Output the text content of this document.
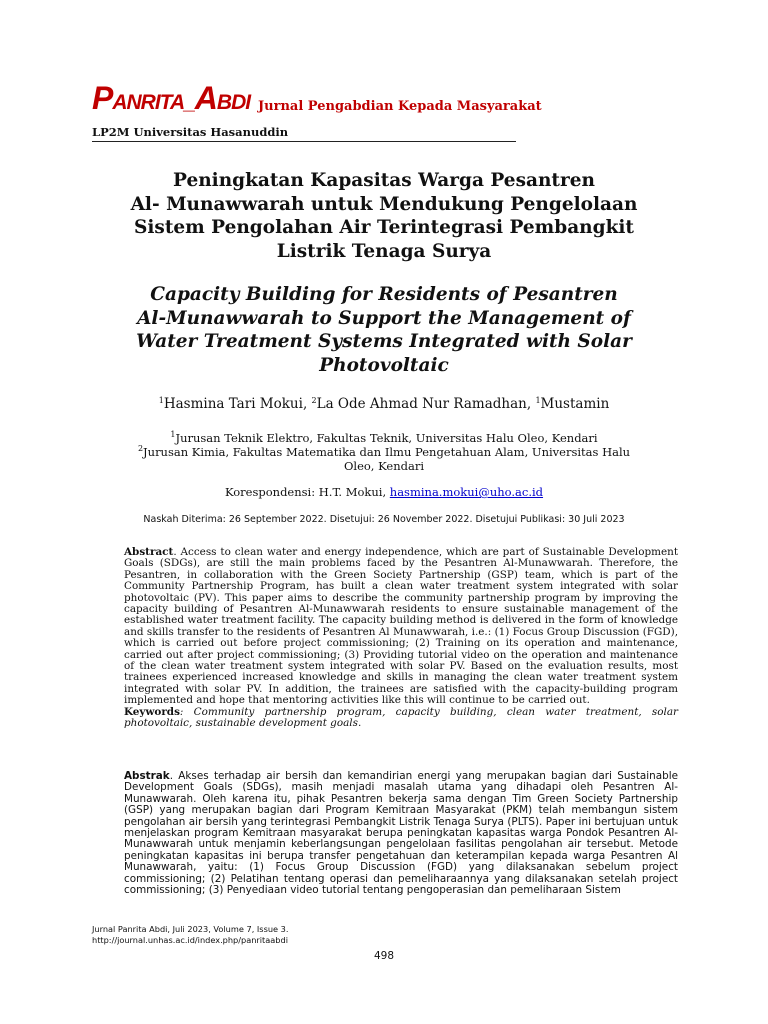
PANRITA_ABDI Jurnal Pengabdian Kepada Masyarakat
LP2M Universitas Hasanuddin
Peningkatan Kapasitas Warga Pesantren
Al- Munawwarah untuk Mendukung Pengelolaan
Sistem Pengolahan Air Terintegrasi Pembangkit
Listrik Tenaga Surya
Capacity Building for Residents of Pesantren
Al-Munawwarah to Support the Management of
Water Treatment Systems Integrated with Solar
Photovoltaic
$^1$Hasmina Tari Mokui, $^2$La Ode Ahmad Nur Ramadhan, $^1$Mustamin
$^1$Jurusan Teknik Elektro, Fakultas Teknik, Universitas Halu Oleo, Kendari
$^2$Jurusan Kimia, Fakultas Matematika dan Ilmu Pengetahuan Alam, Universitas Halu
Oleo, Kendari
Korespondensi: H.T. Mokui, hasmina.mokui@uho.ac.id
Naskah Diterima: 26 September 2022. Disetujui: 26 November 2022. Disetujui Publikasi: 30 Juli 2023

Abstract. Access to clean water and energy independence, which are part of Sustainable Development Goals (SDGs), are still the main problems faced by the Pesantren Al-Munawwarah. Therefore, the Pesantren, in collaboration with the Green Society Partnership (GSP) team, which is part of the Community Partnership Program, has built a clean water treatment system integrated with solar photovoltaic (PV). This paper aims to describe the community partnership program by improving the capacity building of Pesantren Al-Munawwarah residents to ensure sustainable management of the established water treatment facility. The capacity building method is delivered in the form of knowledge and skills transfer to the residents of Pesantren Al Munawwarah, i.e.: (1) Focus Group Discussion (FGD), which is carried out before project commissioning; (2) Training on its operation and maintenance, carried out after project commissioning; (3) Providing tutorial video on the operation and maintenance of the clean water treatment system integrated with solar PV. Based on the evaluation results, most trainees experienced increased knowledge and skills in managing the clean water treatment system integrated with solar PV. In addition, the trainees are satisfied with the capacity-building program implemented and hope that mentoring activities like this will continue to be carried out.

Keywords: Community partnership program, capacity building, clean water treatment, solar photovoltaic, sustainable development goals.

Abstrak. Akses terhadap air bersih dan kemandirian energi yang merupakan bagian dari Sustainable Development Goals (SDGs), masih menjadi masalah utama yang dihadapi oleh Pesantren Al-Munawwarah. Oleh karena itu, pihak Pesantren bekerja sama dengan Tim Green Society Partnership (GSP) yang merupakan bagian dari Program Kemitraan Masyarakat (PKM) telah membangun sistem pengolahan air bersih yang terintegrasi Pembangkit Listrik Tenaga Surya (PLTS). Paper ini bertujuan untuk menjelaskan program Kemitraan masyarakat berupa peningkatan kapasitas warga Pondok Pesantren Al-Munawwarah untuk menjamin keberlangsungan pengelolaan fasilitas pengolahan air tersebut. Metode peningkatan kapasitas ini berupa transfer pengetahuan dan keterampilan kepada warga Pesantren Al Munawwarah, yaitu: (1) Focus Group Discussion (FGD) yang dilaksanakan sebelum project commissioning; (2) Pelatihan tentang operasi dan pemeliharaannya yang dilaksanakan setelah project commissioning; (3) Penyediaan video tutorial tentang pengoperasian dan pemeliharaan Sistem

Jurnal Panrita Abdi, Juli 2023, Volume 7, Issue 3.
http://journal.unhas.ac.id/index.php/panritaabdi
498
